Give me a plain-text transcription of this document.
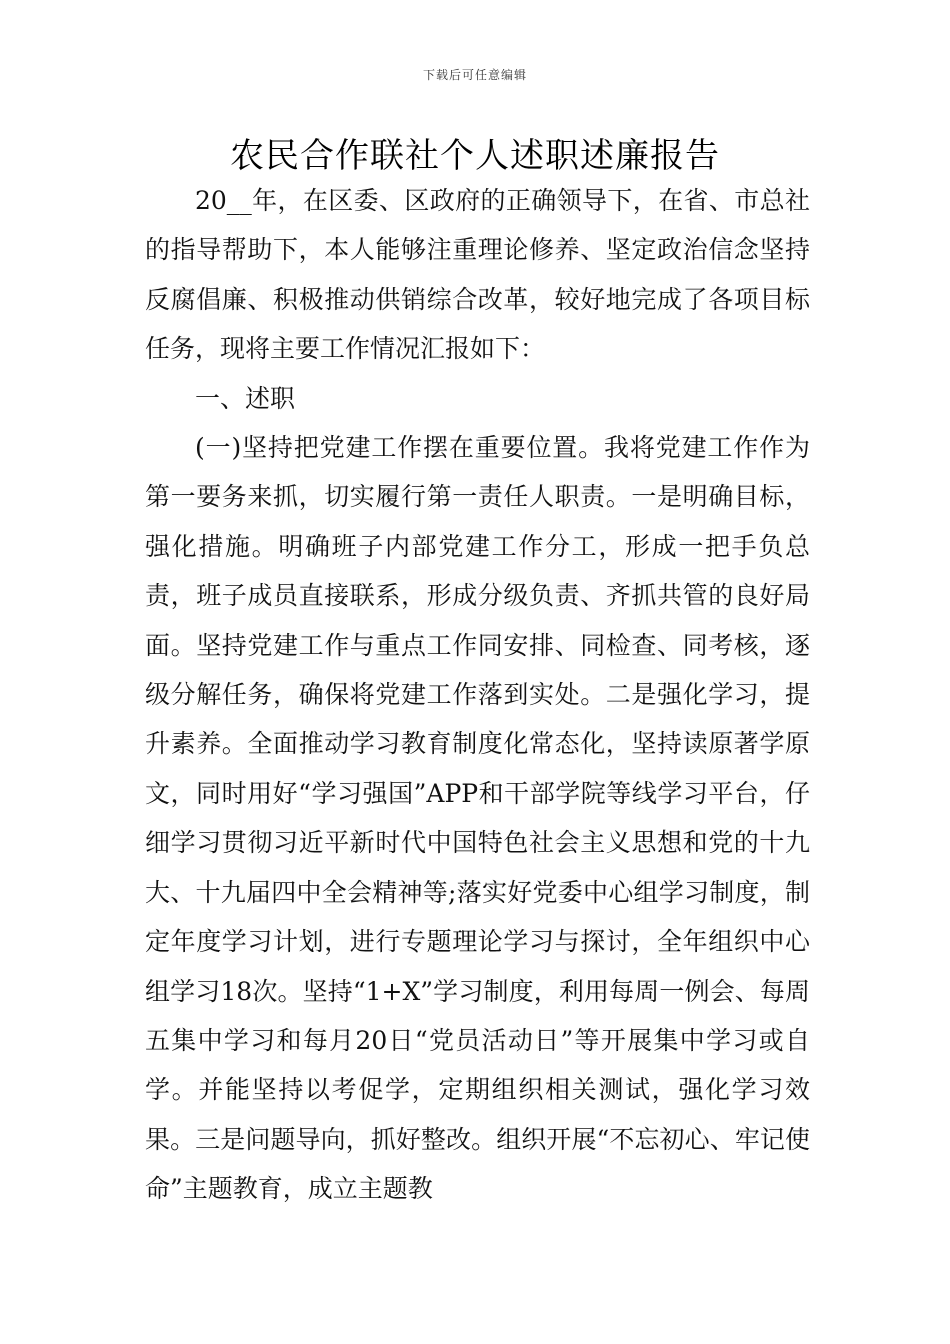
下载后可任意编辑
农民合作联社个人述职述廉报告

20__年，在区委、区政府的正确领导下，在省、市总社的指导帮助下，本人能够注重理论修养、坚定政治信念坚持反腐倡廉、积极推动供销综合改革，较好地完成了各项目标任务，现将主要工作情况汇报如下：

一、述职

(一)坚持把党建工作摆在重要位置。我将党建工作作为第一要务来抓，切实履行第一责任人职责。一是明确目标，强化措施。明确班子内部党建工作分工，形成一把手负总责，班子成员直接联系，形成分级负责、齐抓共管的良好局面。坚持党建工作与重点工作同安排、同检查、同考核，逐级分解任务，确保将党建工作落到实处。二是强化学习，提升素养。全面推动学习教育制度化常态化，坚持读原著学原文，同时用好“学习强国”APP和干部学院等线学习平台，仔细学习贯彻习近平新时代中国特色社会主义思想和党的十九大、十九届四中全会精神等;落实好党委中心组学习制度，制定年度学习计划，进行专题理论学习与探讨，全年组织中心组学习18次。坚持“1+X”学习制度，利用每周一例会、每周五集中学习和每月20日“党员活动日”等开展集中学习或自学。并能坚持以考促学，定期组织相关测试，强化学习效果。三是问题导向，抓好整改。组织开展“不忘初心、牢记使命”主题教育，成立主题教
